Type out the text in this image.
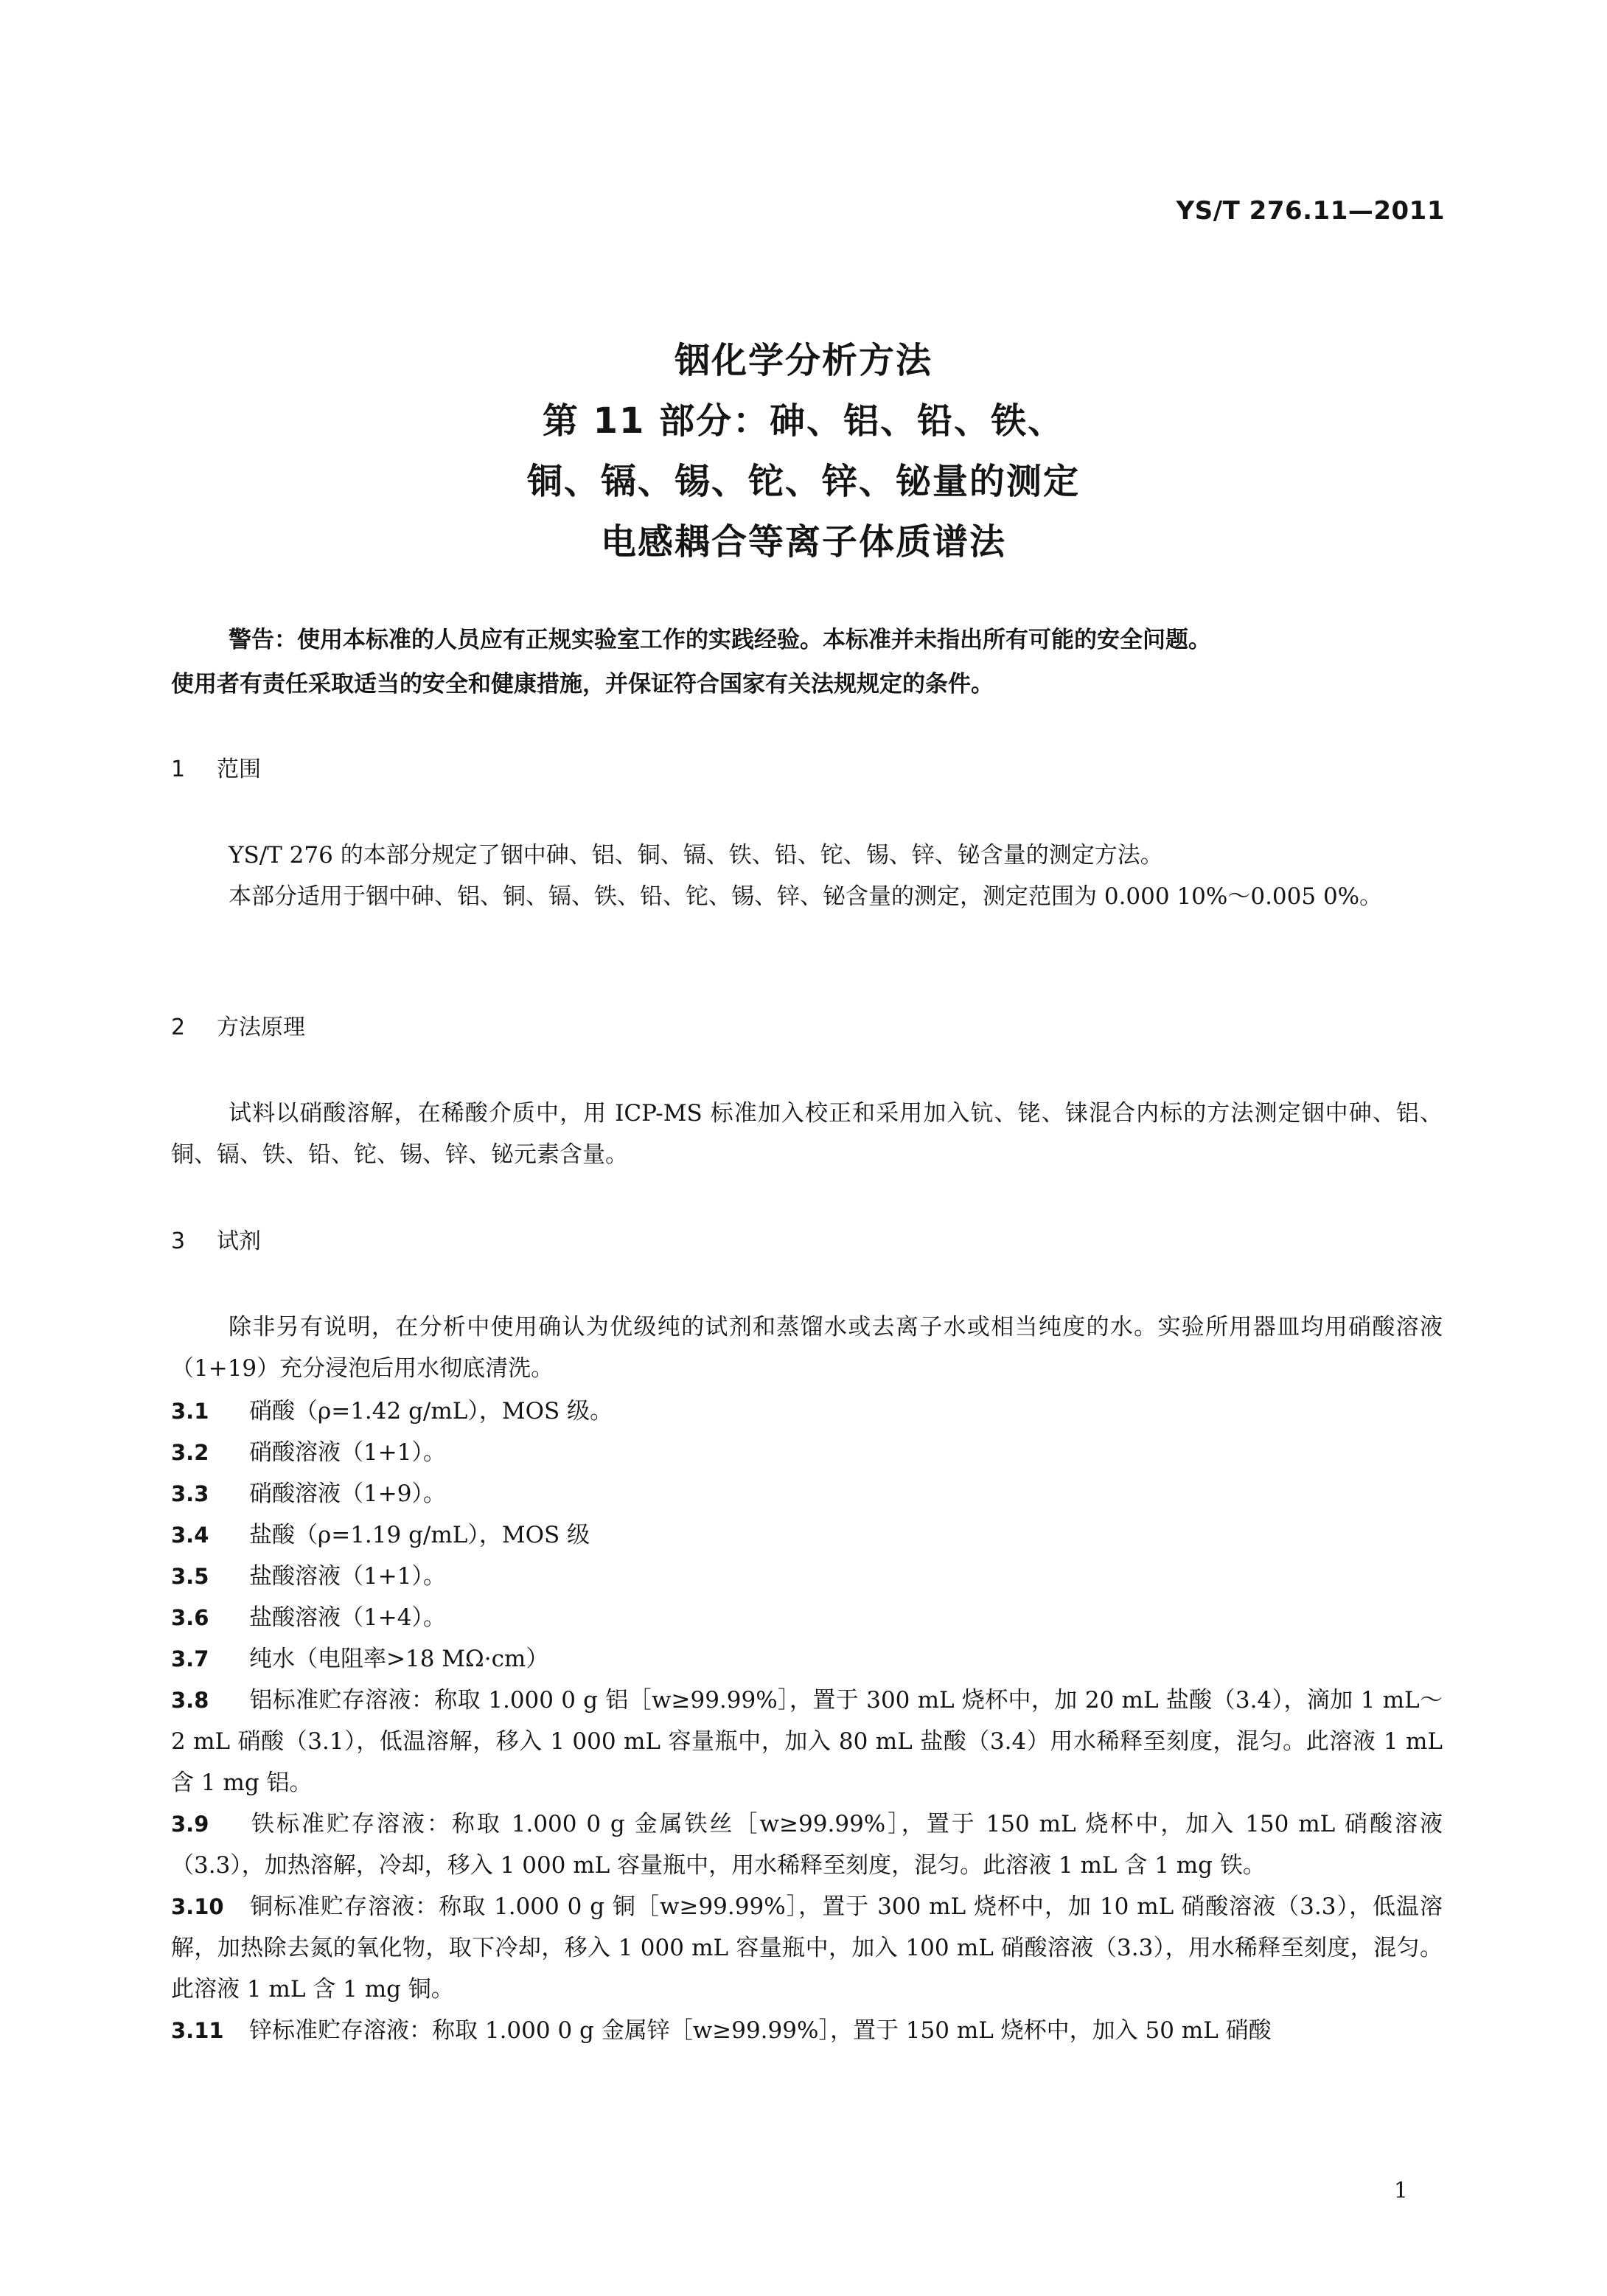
YS/T 276.11—2011
铟化学分析方法
第 11 部分：砷、铝、铅、铁、
铜、镉、锡、铊、锌、铋量的测定
电感耦合等离子体质谱法
警告：使用本标准的人员应有正规实验室工作的实践经验。本标准并未指出所有可能的安全问题。
使用者有责任采取适当的安全和健康措施，并保证符合国家有关法规规定的条件。
1 范围
YS/T 276 的本部分规定了铟中砷、铝、铜、镉、铁、铅、铊、锡、锌、铋含量的测定方法。
本部分适用于铟中砷、铝、铜、镉、铁、铅、铊、锡、锌、铋含量的测定，测定范围为 0.000 10%～0.005 0%。
2 方法原理
试料以硝酸溶解，在稀酸介质中，用 ICP-MS 标准加入校正和采用加入钪、铑、铼混合内标的方法测定铟中砷、铝、铜、镉、铁、铅、铊、锡、锌、铋元素含量。
3 试剂
除非另有说明，在分析中使用确认为优级纯的试剂和蒸馏水或去离子水或相当纯度的水。实验所用器皿均用硝酸溶液（1+19）充分浸泡后用水彻底清洗。
3.1 硝酸（ρ=1.42 g/mL），MOS 级。
3.2 硝酸溶液（1+1）。
3.3 硝酸溶液（1+9）。
3.4 盐酸（ρ=1.19 g/mL），MOS 级
3.5 盐酸溶液（1+1）。
3.6 盐酸溶液（1+4）。
3.7 纯水（电阻率>18 MΩ·cm）
3.8 铝标准贮存溶液：称取 1.000 0 g 铝［w≥99.99%］，置于 300 mL 烧杯中，加 20 mL 盐酸（3.4），滴加 1 mL～2 mL 硝酸（3.1），低温溶解，移入 1 000 mL 容量瓶中，加入 80 mL 盐酸（3.4）用水稀释至刻度，混匀。此溶液 1 mL 含 1 mg 铝。
3.9 铁标准贮存溶液：称取 1.000 0 g 金属铁丝［w≥99.99%］，置于 150 mL 烧杯中，加入 150 mL 硝酸溶液（3.3），加热溶解，冷却，移入 1 000 mL 容量瓶中，用水稀释至刻度，混匀。此溶液 1 mL 含 1 mg 铁。
3.10 铜标准贮存溶液：称取 1.000 0 g 铜［w≥99.99%］，置于 300 mL 烧杯中，加 10 mL 硝酸溶液（3.3），低温溶解，加热除去氮的氧化物，取下冷却，移入 1 000 mL 容量瓶中，加入 100 mL 硝酸溶液（3.3），用水稀释至刻度，混匀。此溶液 1 mL 含 1 mg 铜。
3.11 锌标准贮存溶液：称取 1.000 0 g 金属锌［w≥99.99%］，置于 150 mL 烧杯中，加入 50 mL 硝酸
1
